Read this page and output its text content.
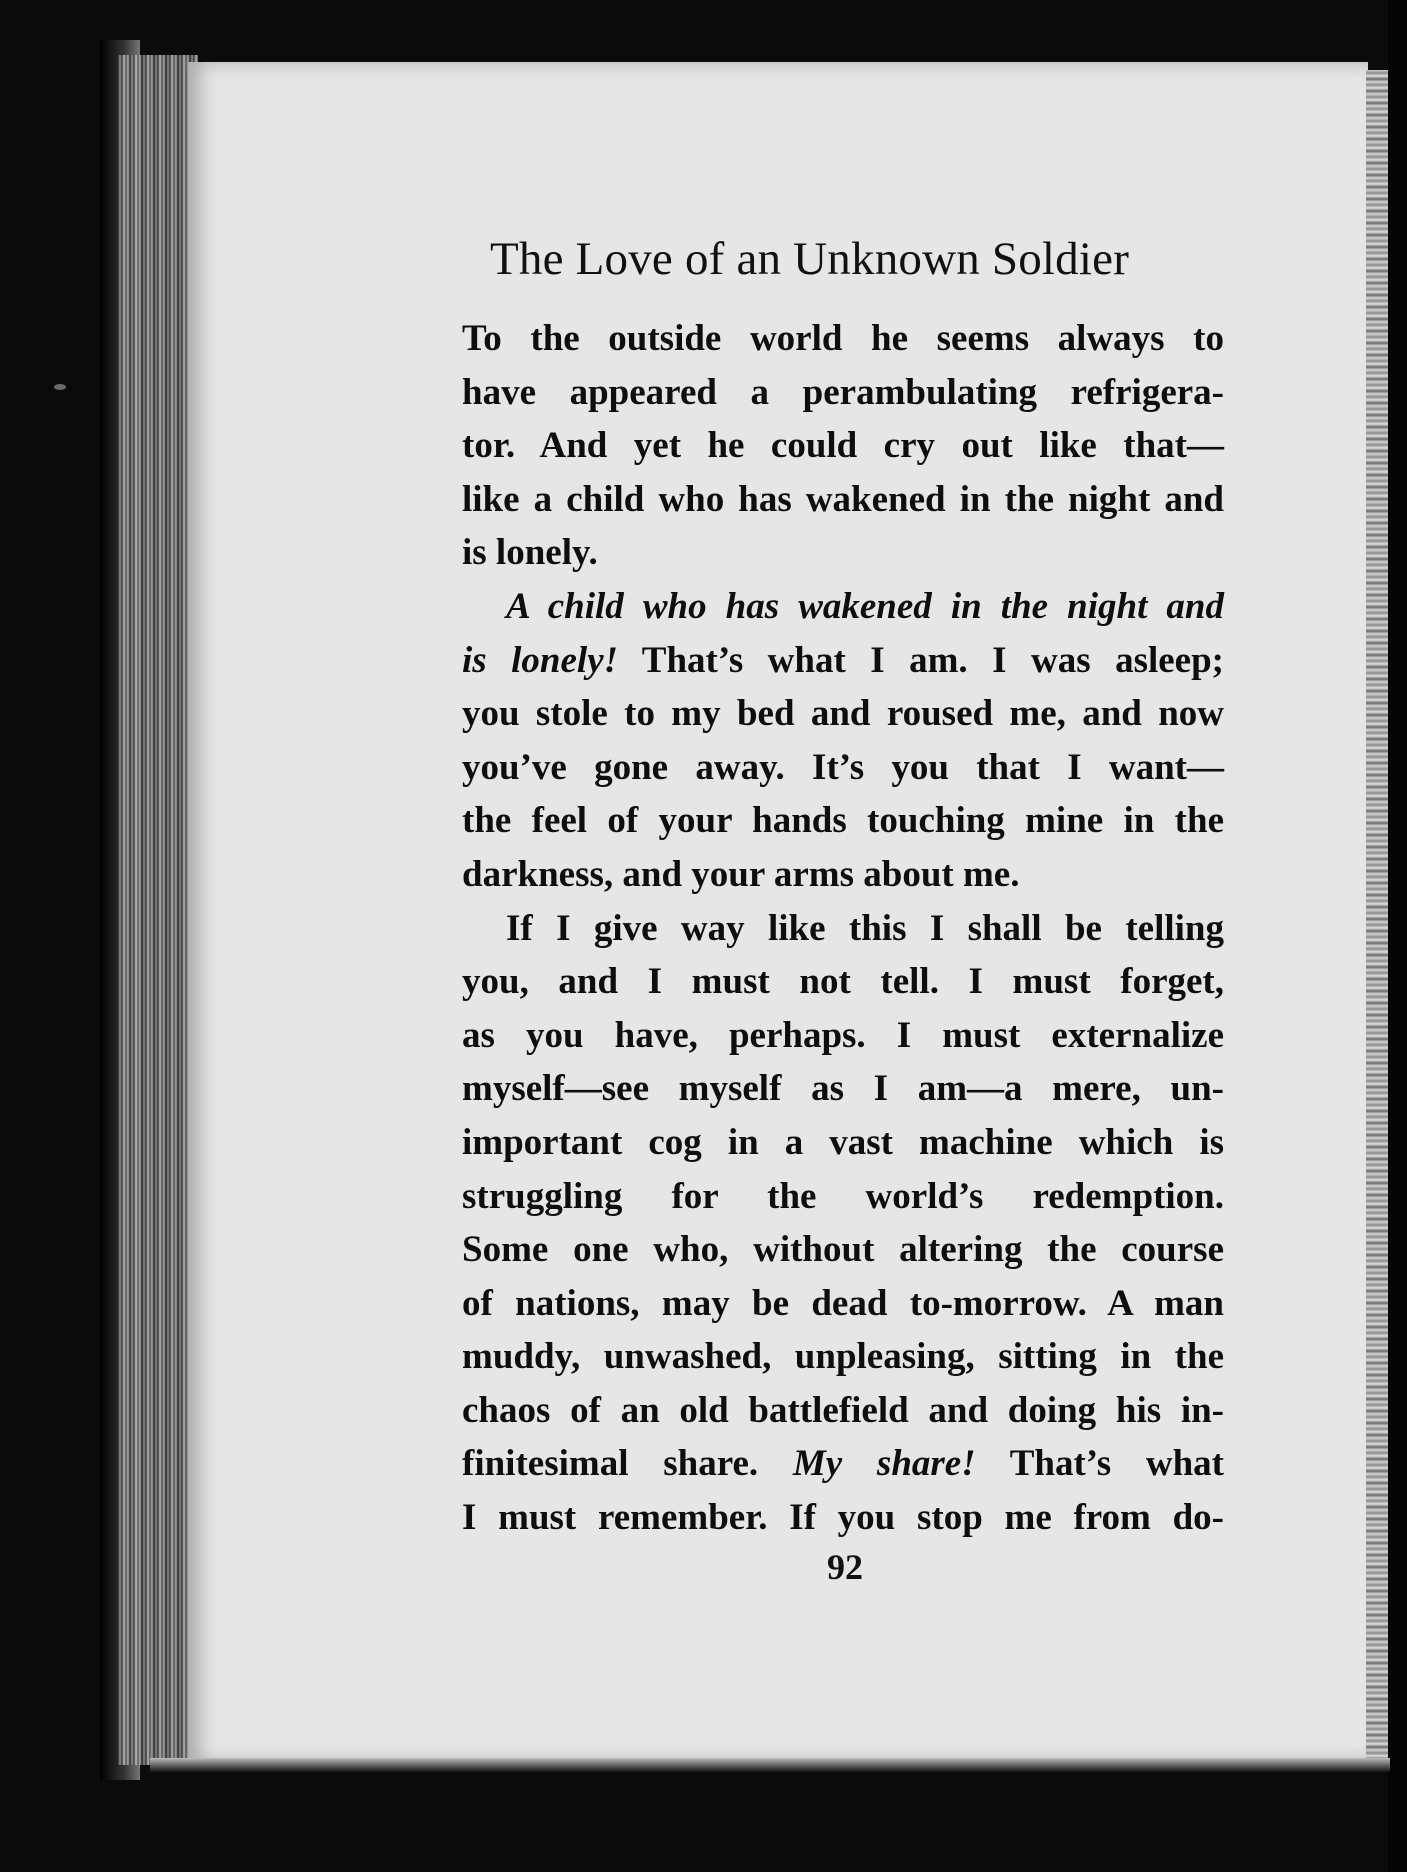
The Love of an Unknown Soldier
To the outside world he seems always to
have appeared a perambulating refrigera-
tor. And yet he could cry out like that—
like a child who has wakened in the night and
is lonely.
A child who has wakened in the night and
is lonely! That’s what I am. I was asleep;
you stole to my bed and roused me, and now
you’ve gone away. It’s you that I want—
the feel of your hands touching mine in the
darkness, and your arms about me.
If I give way like this I shall be telling
you, and I must not tell. I must forget,
as you have, perhaps. I must externalize
myself—see myself as I am—a mere, un-
important cog in a vast machine which is
struggling for the world’s redemption.
Some one who, without altering the course
of nations, may be dead to-morrow. A man
muddy, unwashed, unpleasing, sitting in the
chaos of an old battlefield and doing his in-
finitesimal share. My share! That’s what
I must remember. If you stop me from do-
92
